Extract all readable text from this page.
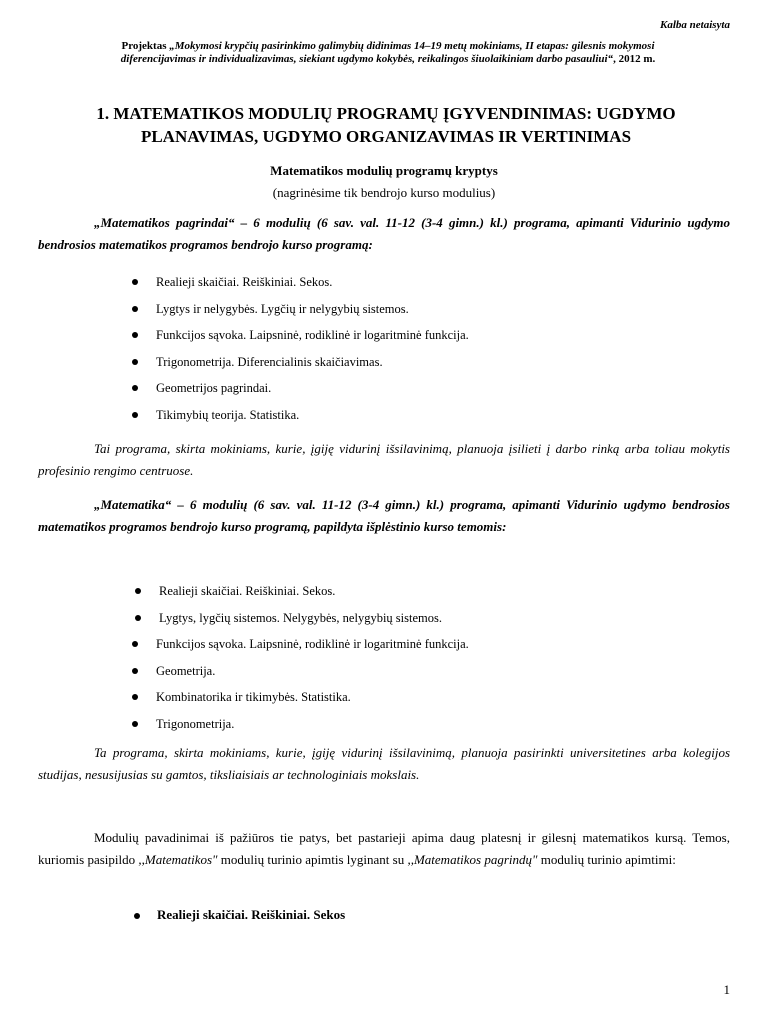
Kalba netaisyta
Projektas „Mokymosi krypčių pasirinkimo galimybių didinimas 14–19 metų mokiniams, II etapas: gilesnis mokymosi diferencijavimas ir individualizavimas, siekiant ugdymo kokybės, reikalingos šiuolaikiniam darbo pasauliui“, 2012 m.
1. MATEMATIKOS MODULIŲ PROGRAMŲ ĮGYVENDINIMAS: UGDYMO PLANAVIMAS, UGDYMO ORGANIZAVIMAS IR VERTINIMAS

Matematikos modulių programų kryptys

(nagrinėsime tik bendrojo kurso modulius)

„Matematikos pagrindai“ – 6 modulių (6 sav. val. 11-12 (3-4 gimn.) kl.) programa, apimanti Vidurinio ugdymo bendrosios matematikos programos bendrojo kurso programą:

Realieji skaičiai. Reiškiniai. Sekos.
Lygtys ir nelygybės. Lygčių ir nelygybių sistemos.
Funkcijos sąvoka. Laipsninė, rodiklinė ir logaritminė funkcija.
Trigonometrija. Diferencialinis skaičiavimas.
Geometrijos pagrindai.
Tikimybių teorija. Statistika.

Tai programa, skirta mokiniams, kurie, įgiję vidurinį išsilavinimą, planuoja įsilieti į darbo rinką arba toliau mokytis profesinio rengimo centruose.

„Matematika“ – 6 modulių (6 sav. val. 11-12 (3-4 gimn.) kl.) programa, apimanti Vidurinio ugdymo bendrosios matematikos programos bendrojo kurso programą, papildyta išplėstinio kurso temomis:

Realieji skaičiai. Reiškiniai. Sekos.
Lygtys, lygčių sistemos. Nelygybės, nelygybių sistemos.
Funkcijos sąvoka. Laipsninė, rodiklinė ir logaritminė funkcija.
Geometrija.
Kombinatorika ir tikimybės. Statistika.
Trigonometrija.

Ta programa, skirta mokiniams, kurie, įgiję vidurinį išsilavinimą, planuoja pasirinkti universitetines arba kolegijos studijas, nesusijusias su gamtos, tiksliaisiais ar technologiniais mokslais.

Modulių pavadinimai iš pažiūros tie patys, bet pastarieji apima daug platesnį ir gilesnį matematikos kursą. Temos, kuriomis pasipildo ,,Matematikos" modulių turinio apimtis lyginant su ,,Matematikos pagrindų" modulių turinio apimtimi:

Realieji skaičiai. Reiškiniai. Sekos
1
